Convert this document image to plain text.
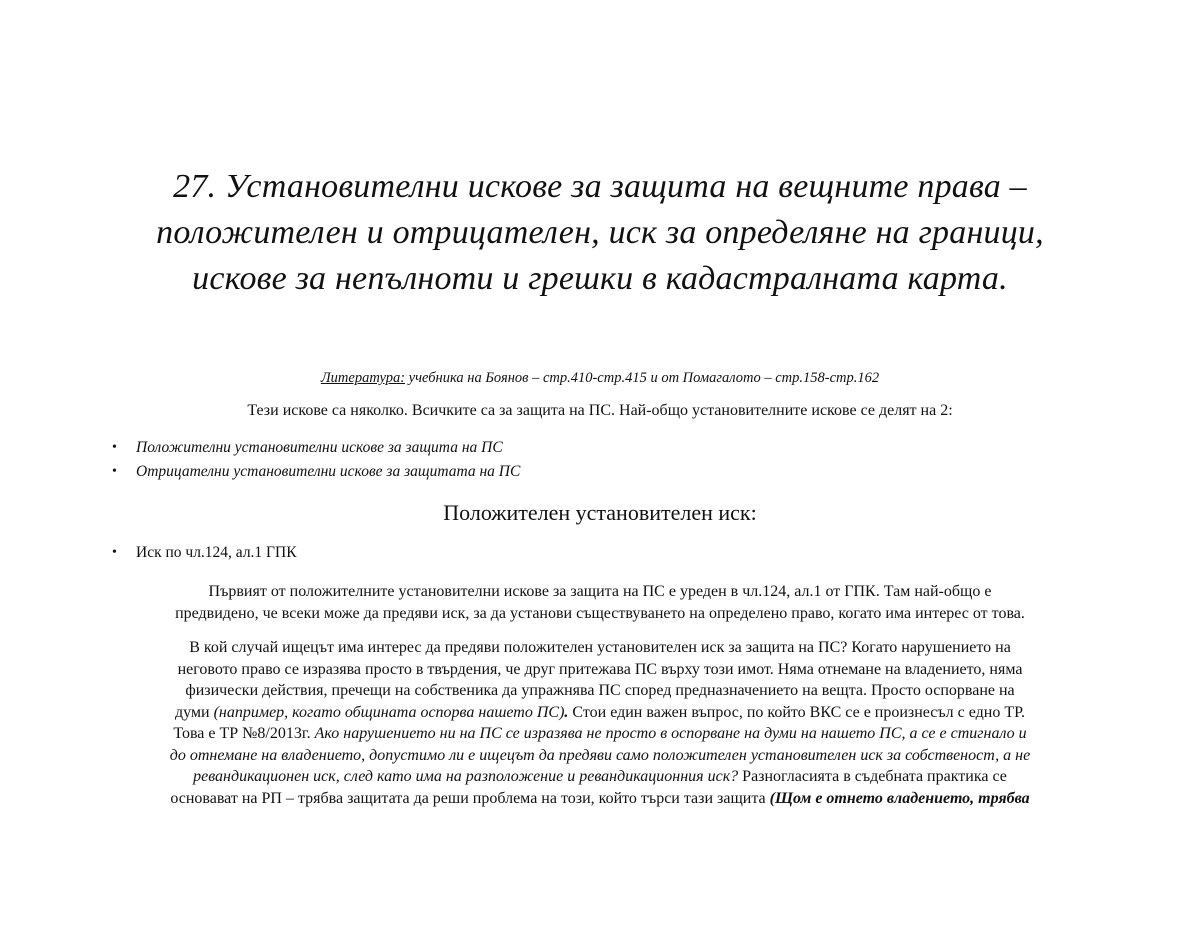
27. Установителни искове за защита на вещните права –
положителен и отрицателен, иск за определяне на граници,
искове за непълноти и грешки в кадастралната карта.
Литература: учебника на Боянов – стр.410-стр.415 и от Помагалото – стр.158-стр.162
Тези искове са няколко. Всичките са за защита на ПС. Най-общо установителните искове се делят на 2:
• Положителни установителни искове за защита на ПС
• Отрицателни установителни искове за защитата на ПС
Положителен установителен иск:
• Иск по чл.124, ал.1 ГПК

Първият от положителните установителни искове за защита на ПС е уреден в чл.124, ал.1 от ГПК. Там най-общо е
предвидено, че всеки може да предяви иск, за да установи съществуването на определено право, когато има интерес от това.

В кой случай ищецът има интерес да предяви положителен установителен иск за защита на ПС? Когато нарушението на
неговото право се изразява просто в твърдения, че друг притежава ПС върху този имот. Няма отнемане на владението, няма
физически действия, пречещи на собственика да упражнява ПС според предназначението на вещта. Просто оспорване на
думи (например, когато общината оспорва нашето ПС). Стои един важен въпрос, по който ВКС се е произнесъл с едно ТР.
Това е ТР №8/2013г. Ако нарушението ни на ПС се изразява не просто в оспорване на думи на нашето ПС, а се е стигнало и
до отнемане на владението, допустимо ли е ищецът да предяви само положителен установителен иск за собственост, а не
ревандикационен иск, след като има на разположение и ревандикационния иск? Разногласията в съдебната практика се
основават на РП – трябва защитата да реши проблема на този, който търси тази защита (Щом е отнето владението, трябва
